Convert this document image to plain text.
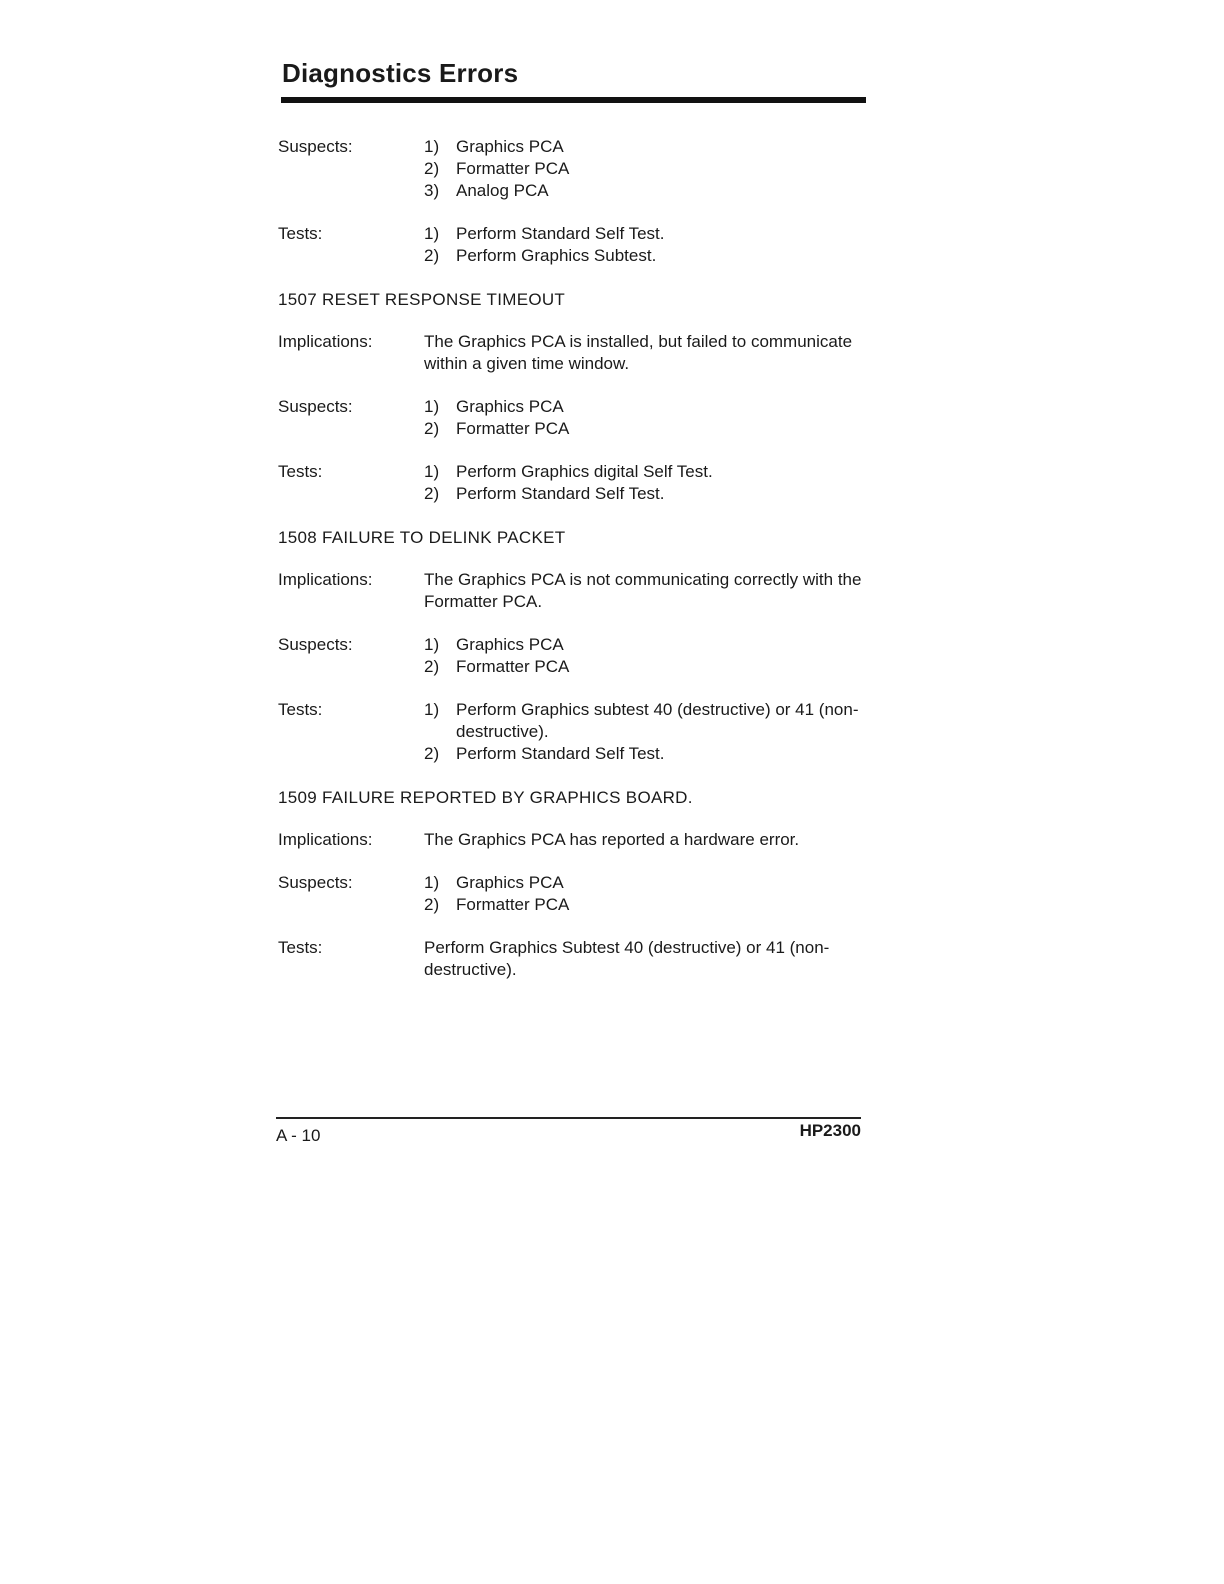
Diagnostics Errors
Suspects:	1) Graphics PCA
2) Formatter PCA
3) Analog PCA
Tests:	1) Perform Standard Self Test.
2) Perform Graphics Subtest.
1507 RESET RESPONSE TIMEOUT
Implications:	The Graphics PCA is installed, but failed to communicate within a given time window.
Suspects:	1) Graphics PCA
2) Formatter PCA
Tests:	1) Perform Graphics digital Self Test.
2) Perform Standard Self Test.
1508 FAILURE TO DELINK PACKET
Implications:	The Graphics PCA is not communicating correctly with the Formatter PCA.
Suspects:	1) Graphics PCA
2) Formatter PCA
Tests:	1) Perform Graphics subtest 40 (destructive) or 41 (non-destructive).
2) Perform Standard Self Test.
1509 FAILURE REPORTED BY GRAPHICS BOARD.
Implications:	The Graphics PCA has reported a hardware error.
Suspects:	1) Graphics PCA
2) Formatter PCA
Tests:	Perform Graphics Subtest 40 (destructive) or 41 (non-destructive).
A - 10	HP2300
